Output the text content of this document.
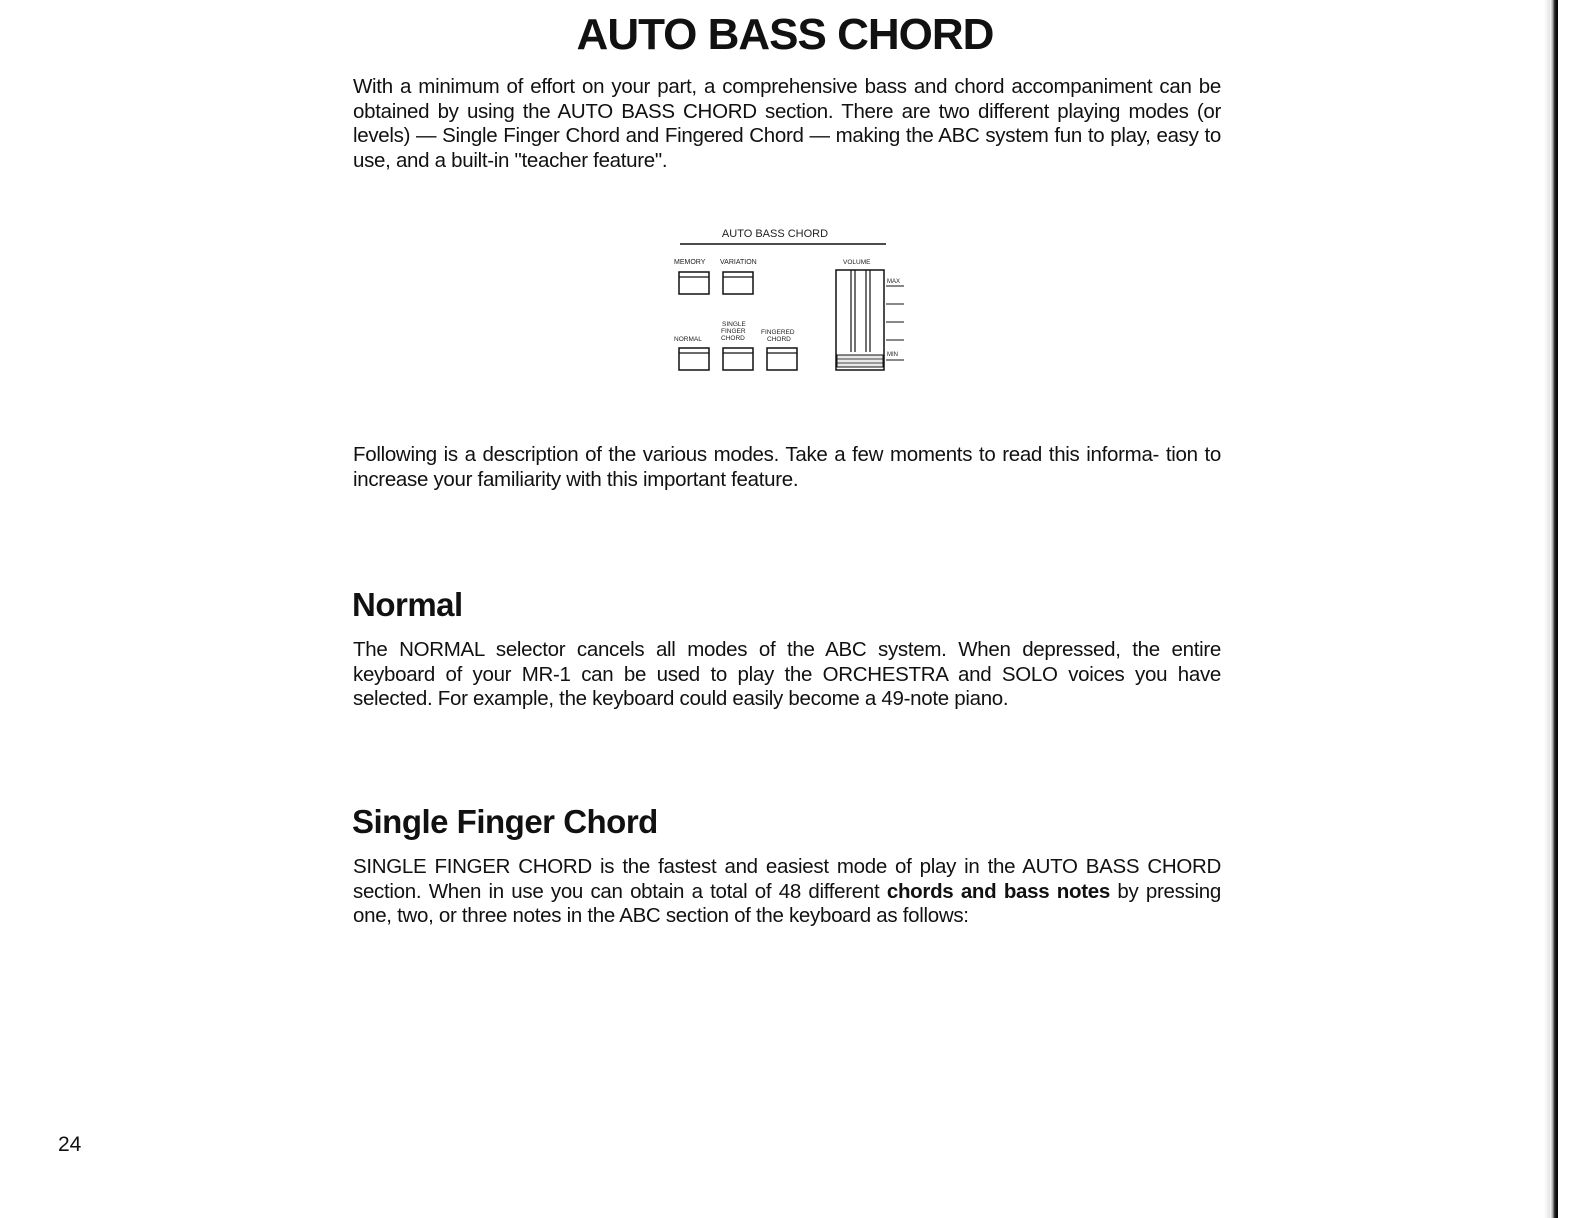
AUTO BASS CHORD

With a minimum of effort on your part, a comprehensive bass and chord accompaniment can be obtained by using the AUTO BASS CHORD section. There are two different playing modes (or levels) — Single Finger Chord and Fingered Chord — making the ABC system fun to play, easy to use, and a built-in "teacher feature".

AUTO BASS CHORD
MEMORY VARIATION	VOLUME
SINGLE
FINGER
CHORD
FINGERED
CHORD
NORMAL
MAX
MIN

Following is a description of the various modes. Take a few moments to read this informa- tion to increase your familiarity with this important feature.

Normal

The NORMAL selector cancels all modes of the ABC system. When depressed, the entire keyboard of your MR-1 can be used to play the ORCHESTRA and SOLO voices you have selected. For example, the keyboard could easily become a 49-note piano.

Single Finger Chord

SINGLE FINGER CHORD is the fastest and easiest mode of play in the AUTO BASS CHORD section. When in use you can obtain a total of 48 different chords and bass notes by pressing one, two, or three notes in the ABC section of the keyboard as follows:

24
